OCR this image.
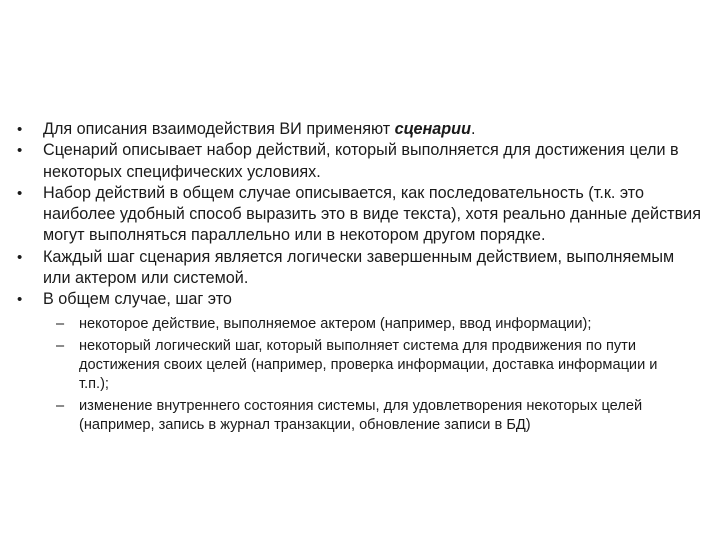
• Для описания взаимодействия ВИ применяют сценарии.
• Сценарий описывает набор действий, который выполняется для достижения цели в некоторых специфических условиях.
• Набор действий в общем случае описывается, как последовательность (т.к. это наиболее удобный способ выразить это в виде текста), хотя реально данные действия могут выполняться параллельно или в некотором другом порядке.
• Каждый шаг сценария является логически завершенным действием, выполняемым или актером или системой.
• В общем случае, шаг это
– некоторое действие, выполняемое актером (например, ввод информации);
– некоторый логический шаг, который выполняет система для продвижения по пути достижения своих целей (например, проверка информации, доставка информации и т.п.);
– изменение внутреннего состояния системы, для удовлетворения некоторых целей (например, запись в журнал транзакции, обновление записи в БД)
